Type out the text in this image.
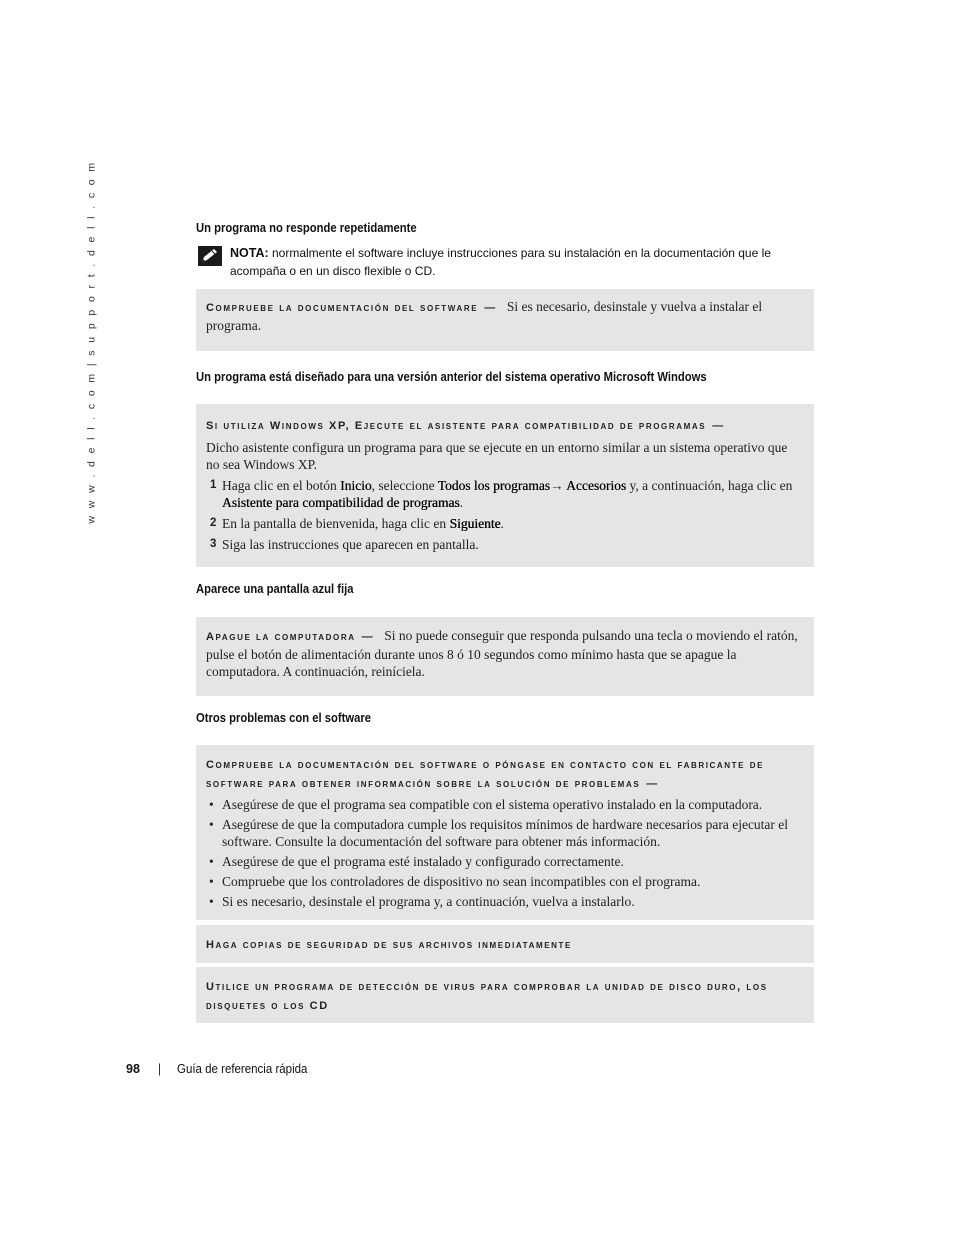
w w w . d e l l . c o m | s u p p o r t . d e l l . c o m	Un programa no responde repetidamente
NOTA: normalmente el software incluye instrucciones para su instalación en la documentación que le acompaña o en un disco flexible o CD.
Compruebe la documentación del software — Si es necesario, desinstale y vuelva a instalar el programa.
Un programa está diseñado para una versión anterior del sistema operativo Microsoft Windows
Si utiliza Windows XP, Ejecute el asistente para compatibilidad de programas —
Dicho asistente configura un programa para que se ejecute en un entorno similar a un sistema operativo que no sea Windows XP.
1 Haga clic en el botón Inicio, seleccione Todos los programas→ Accesorios y, a continuación, haga clic en Asistente para compatibilidad de programas.
2 En la pantalla de bienvenida, haga clic en Siguiente.
3 Siga las instrucciones que aparecen en pantalla.
Aparece una pantalla azul fija
Apague la computadora — Si no puede conseguir que responda pulsando una tecla o moviendo el ratón, pulse el botón de alimentación durante unos 8 ó 10 segundos como mínimo hasta que se apague la computadora. A continuación, reiníciela.
Otros problemas con el software
Compruebe la documentación del software o póngase en contacto con el fabricante de
software para obtener información sobre la solución de problemas —
• Asegúrese de que el programa sea compatible con el sistema operativo instalado en la computadora.
• Asegúrese de que la computadora cumple los requisitos mínimos de hardware necesarios para ejecutar el software. Consulte la documentación del software para obtener más información.
• Asegúrese de que el programa esté instalado y configurado correctamente.
• Compruebe que los controladores de dispositivo no sean incompatibles con el programa.
• Si es necesario, desinstale el programa y, a continuación, vuelva a instalarlo.
Haga copias de seguridad de sus archivos inmediatamente
Utilice un programa de detección de virus para comprobar la unidad de disco duro, los
disquetes o los CD
98 | Guía de referencia rápida
